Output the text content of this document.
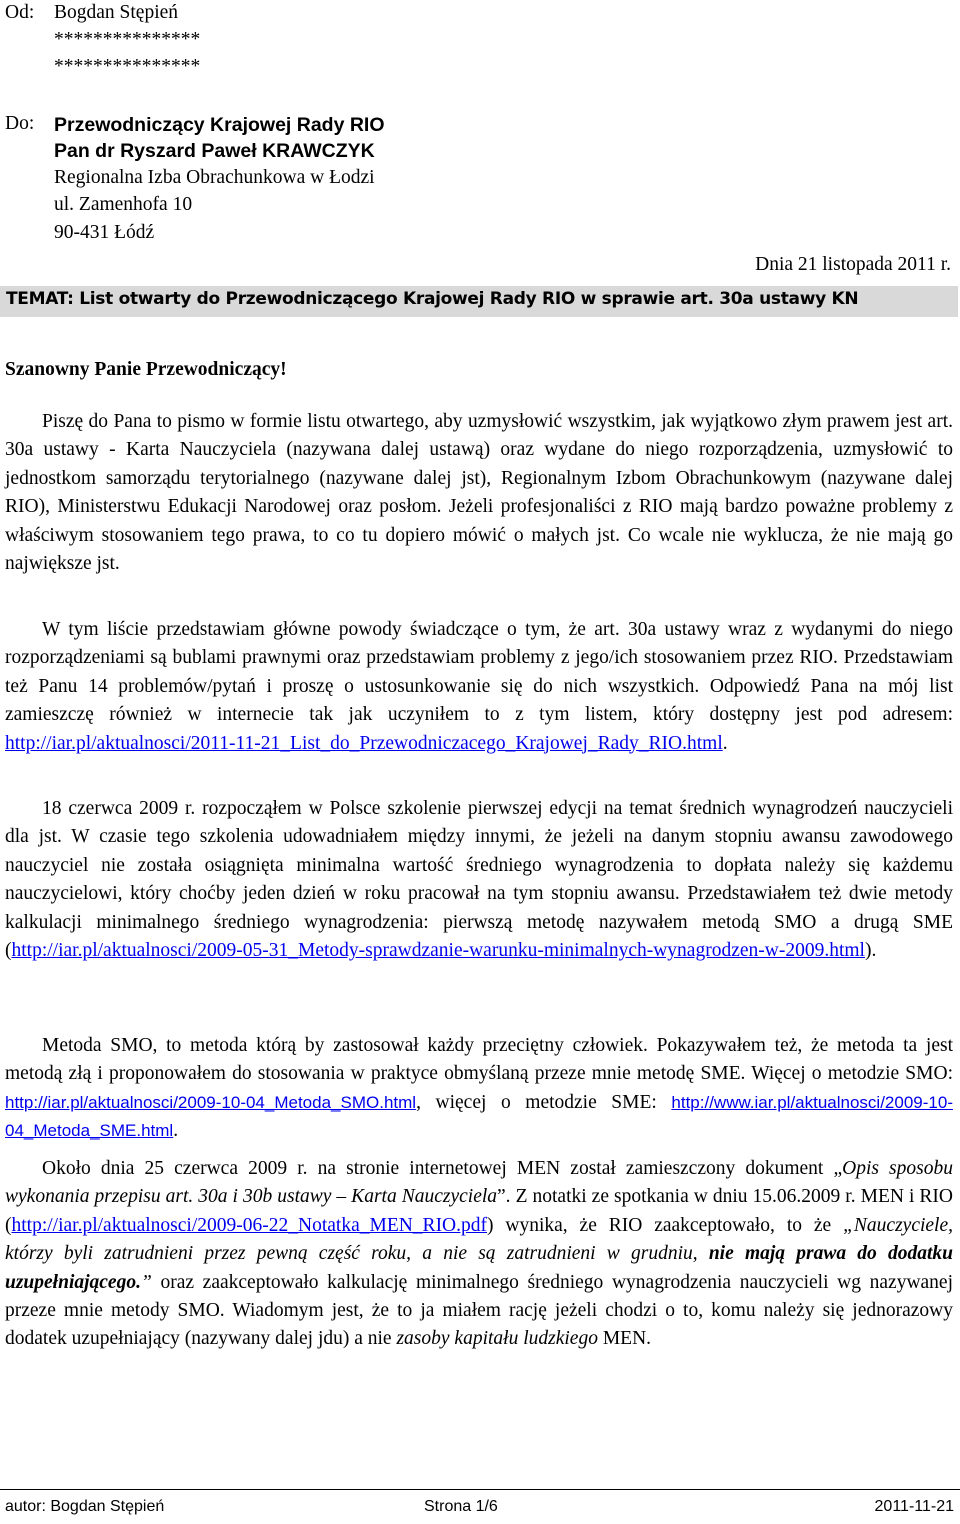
Od: Bogdan Stępień
***************
***************
Do: Przewodniczący Krajowej Rady RIO
Pan dr Ryszard Paweł KRAWCZYK
Regionalna Izba Obrachunkowa w Łodzi
ul. Zamenhofa 10
90-431 Łódź
Dnia 21 listopada 2011 r.
TEMAT: List otwarty do Przewodniczącego Krajowej Rady RIO w sprawie art. 30a ustawy KN
Szanowny Panie Przewodniczący!

Piszę do Pana to pismo w formie listu otwartego, aby uzmysłowić wszystkim, jak wyjątkowo złym prawem jest art. 30a ustawy - Karta Nauczyciela (nazywana dalej ustawą) oraz wydane do niego rozporządzenia, uzmysłowić to jednostkom samorządu terytorialnego (nazywane dalej jst), Regionalnym Izbom Obrachunkowym (nazywane dalej RIO), Ministerstwu Edukacji Narodowej oraz posłom. Jeżeli profesjonaliści z RIO mają bardzo poważne problemy z właściwym stosowaniem tego prawa, to co tu dopiero mówić o małych jst. Co wcale nie wyklucza, że nie mają go największe jst.

W tym liście przedstawiam główne powody świadczące o tym, że art. 30a ustawy wraz z wydanymi do niego rozporządzeniami są bublami prawnymi oraz przedstawiam problemy z jego/ich stosowaniem przez RIO. Przedstawiam też Panu 14 problemów/pytań i proszę o ustosunkowanie się do nich wszystkich. Odpowiedź Pana na mój list zamieszczę również w internecie tak jak uczyniłem to z tym listem, który dostępny jest pod adresem: http://iar.pl/aktualnosci/2011-11-21_List_do_Przewodniczacego_Krajowej_Rady_RIO.html.

18 czerwca 2009 r. rozpocząłem w Polsce szkolenie pierwszej edycji na temat średnich wynagrodzeń nauczycieli dla jst. W czasie tego szkolenia udowadniałem między innymi, że jeżeli na danym stopniu awansu zawodowego nauczyciel nie została osiągnięta minimalna wartość średniego wynagrodzenia to dopłata należy się każdemu nauczycielowi, który choćby jeden dzień w roku pracował na tym stopniu awansu. Przedstawiałem też dwie metody kalkulacji minimalnego średniego wynagrodzenia: pierwszą metodę nazywałem metodą SMO a drugą SME (http://iar.pl/aktualnosci/2009-05-31_Metody-sprawdzanie-warunku-minimalnych-wynagrodzen-w-2009.html).

Metoda SMO, to metoda którą by zastosował każdy przeciętny człowiek. Pokazywałem też, że metoda ta jest metodą złą i proponowałem do stosowania w praktyce obmyślaną przeze mnie metodę SME. Więcej o metodzie SMO: http://iar.pl/aktualnosci/2009-10-04_Metoda_SMO.html, więcej o metodzie SME: http://www.iar.pl/aktualnosci/2009-10-04_Metoda_SME.html.

Około dnia 25 czerwca 2009 r. na stronie internetowej MEN został zamieszczony dokument „Opis sposobu wykonania przepisu art. 30a i 30b ustawy – Karta Nauczyciela”. Z notatki ze spotkania w dniu 15.06.2009 r. MEN i RIO (http://iar.pl/aktualnosci/2009-06-22_Notatka_MEN_RIO.pdf) wynika, że RIO zaakceptowało, to że „Nauczyciele, którzy byli zatrudnieni przez pewną część roku, a nie są zatrudnieni w grudniu, nie mają prawa do dodatku uzupełniającego.” oraz zaakceptowało kalkulację minimalnego średniego wynagrodzenia nauczycieli wg nazywanej przeze mnie metody SMO. Wiadomym jest, że to ja miałem rację jeżeli chodzi o to, komu należy się jednorazowy dodatek uzupełniający (nazywany dalej jdu) a nie zasoby kapitału ludzkiego MEN.

autor: Bogdan Stępień	Strona 1/6	2011-11-21
